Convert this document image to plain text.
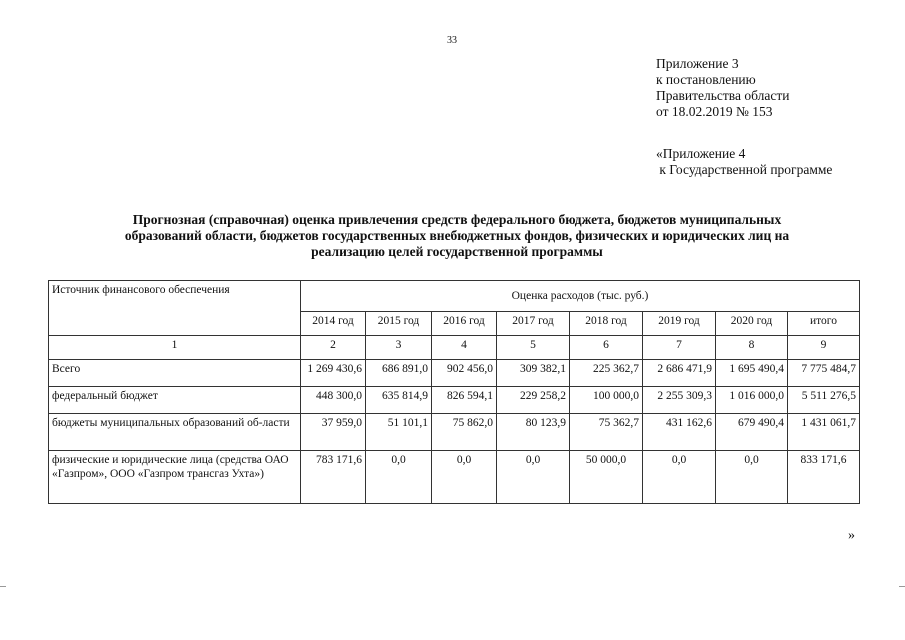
33
Приложение 3
к постановлению
Правительства области
от 18.02.2019 № 153
«Приложение 4
к Государственной программе
Прогнозная (справочная) оценка привлечения средств федерального бюджета, бюджетов муниципальных
образований области, бюджетов государственных внебюджетных фондов, физических и юридических лиц на
реализацию целей государственной программы
Источник финансового обеспечения	Оценка расходов (тыс. руб.)							
	2014 год	2015 год	2016 год	2017 год	2018 год	2019 год	2020 год	итого
1	2	3	4	5	6	7	8	9
Всего	1 269 430,6	686 891,0	902 456,0	309 382,1	225 362,7	2 686 471,9	1 695 490,4	7 775 484,7
федеральный бюджет	448 300,0	635 814,9	826 594,1	229 258,2	100 000,0	2 255 309,3	1 016 000,0	5 511 276,5
бюджеты муниципальных образований об-ласти	37 959,0	51 101,1	75 862,0	80 123,9	75 362,7	431 162,6	679 490,4	1 431 061,7
физические и юридические лица (средства ОАО «Газпром», ООО «Газпром трансгаз Ухта»)	783 171,6	0,0	0,0	0,0	50 000,0	0,0	0,0	833 171,6
»
